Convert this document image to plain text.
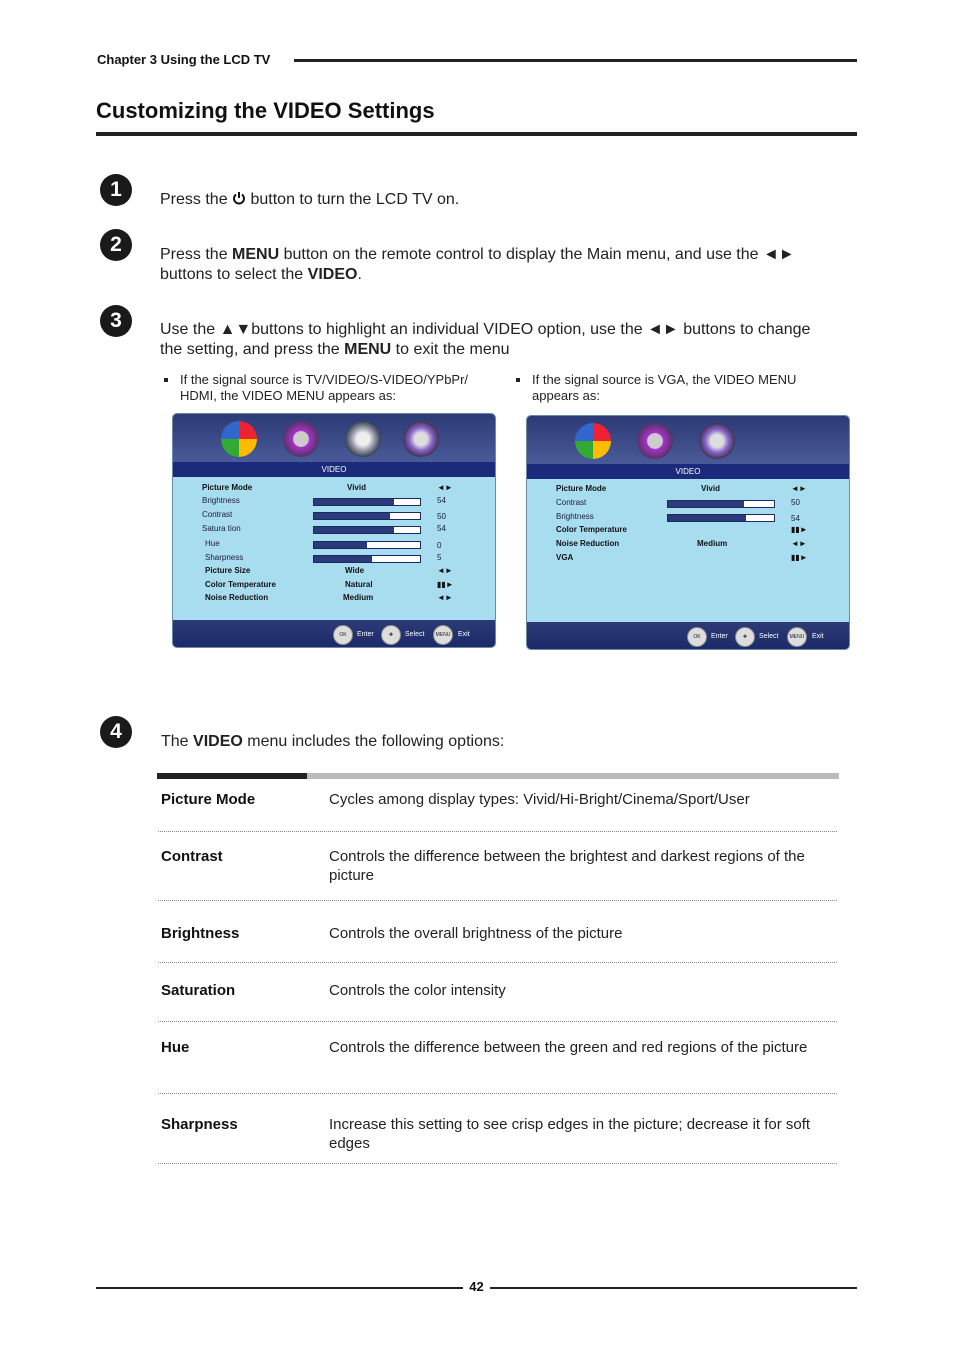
Chapter 3 Using the LCD TV
Customizing the VIDEO Settings
1	Press the  button to turn the LCD TV on.
2	Press the MENU button on the remote control to display the Main menu, and use the ◄► buttons to select the VIDEO.
3	Use the ▲▼buttons to highlight an individual VIDEO option, use the ◄► buttons to change the setting, and press the MENU to exit the menu
If the signal source is TV/VIDEO/S-VIDEO/YPbPr/ HDMI, the VIDEO MENU appears as:
If the signal source is VGA, the VIDEO MENU appears as:
VIDEO
Picture Mode	Vivid	◄►
Brightness	54
Contrast	50
Satura tion	54
Hue	0
Sharpness	5
Picture Size	Wide	◄►
Color Temperature	Natural	▮▮►
Noise Reduction	Medium	◄►
OK	Enter	✚	Select	MENU	Exit
VIDEO
Picture Mode	Vivid	◄►
Contrast	50
Brightness	54
Color Temperature	▮▮►
Noise Reduction	Medium	◄►
VGA	▮▮►
OK	Enter	✚	Select	MENU	Exit
4	The VIDEO menu includes the following options:
Picture Mode	Cycles among display types: Vivid/Hi-Bright/Cinema/Sport/User
Contrast	Controls the difference between the brightest and darkest regions of the picture
Brightness	Controls the overall brightness of the picture
Saturation	Controls the color intensity
Hue	Controls the difference between the green and red regions of the picture
Sharpness	Increase this setting to see crisp edges in the picture; decrease it for soft edges
42
